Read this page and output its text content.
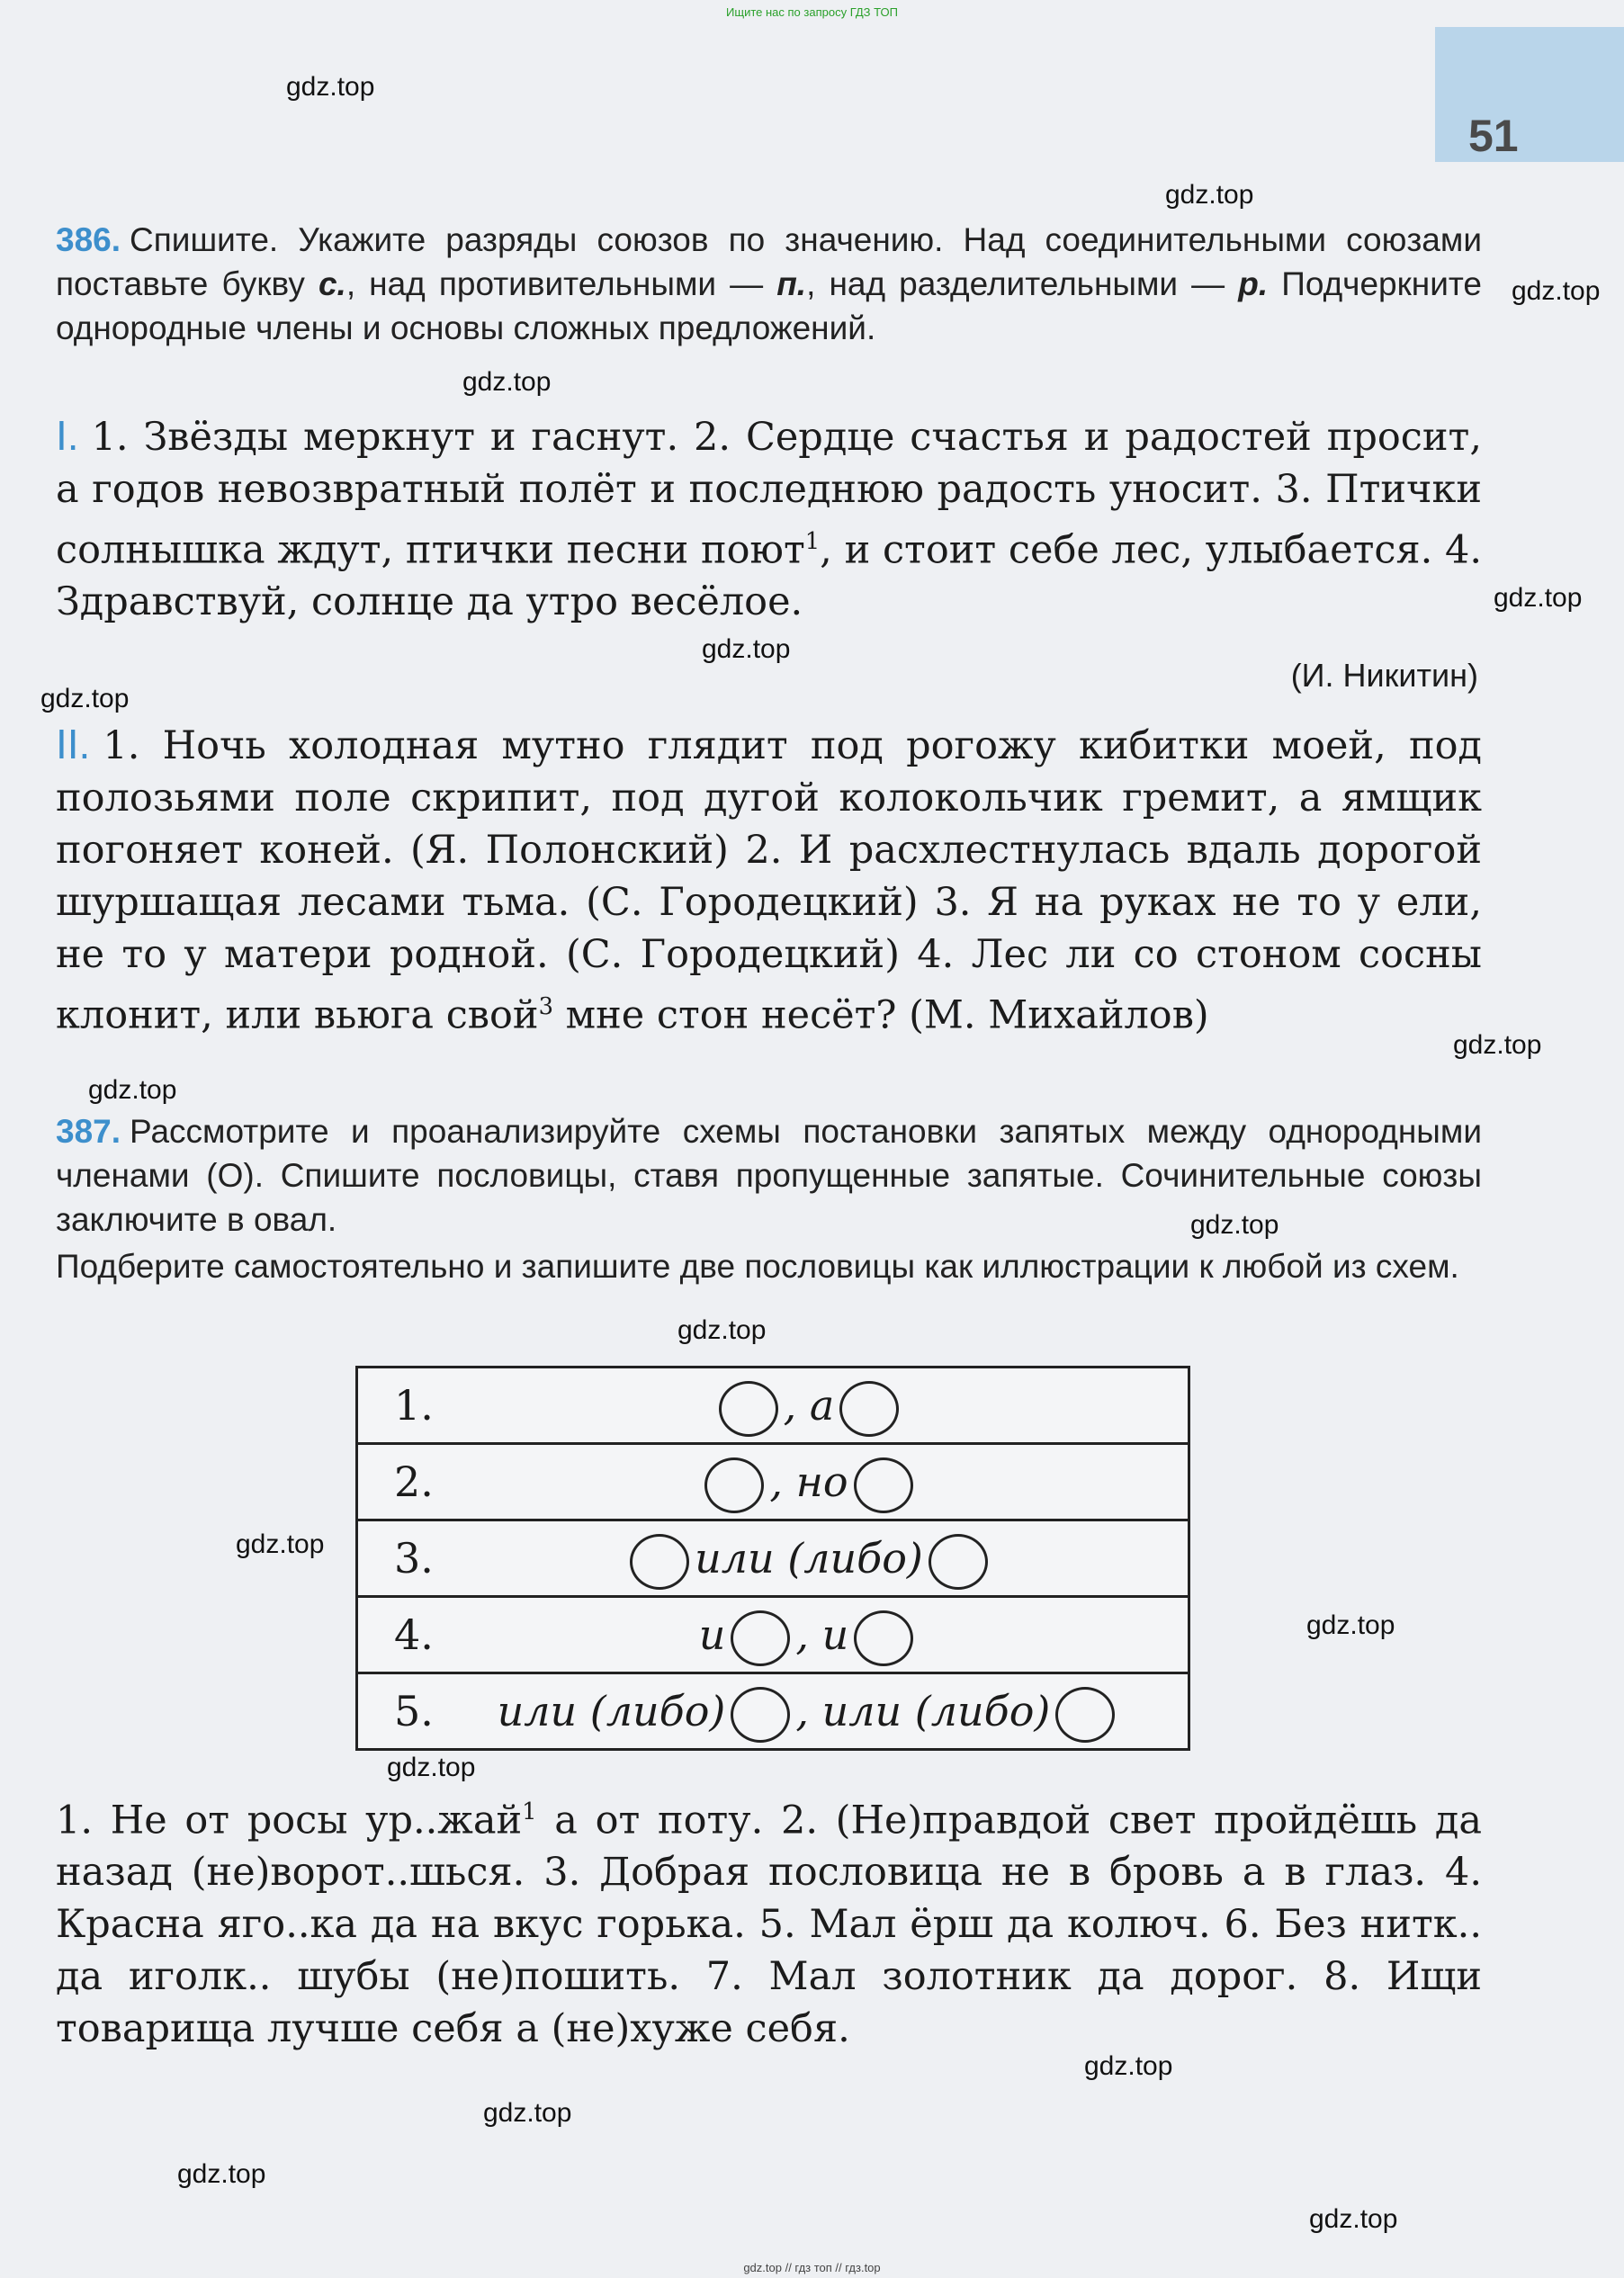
Ищите нас по запросу ГДЗ ТОП
51
gdz.top
gdz.top
gdz.top
gdz.top
gdz.top
gdz.top
gdz.top
gdz.top
gdz.top
gdz.top
gdz.top
gdz.top
gdz.top
gdz.top
gdz.top
gdz.top
gdz.top
gdz.top
386. Спишите. Укажите разряды союзов по значению. Над соединительными союзами поставьте букву с., над противительными — п., над разделительными — р. Подчеркните однородные члены и основы сложных предложений.
I. 1. Звёзды меркнут и гаснут. 2. Сердце счастья и радостей просит, а годов невозвратный полёт и последнюю радость уносит. 3. Птички солнышка ждут, птички песни поют$^1$, и стоит себе лес, улыбается. 4. Здравствуй, солнце да утро весёлое.
(И. Никитин)
II. 1. Ночь холодная мутно глядит под рогожу кибитки моей, под полозьями поле скрипит, под дугой колокольчик гремит, а ямщик погоняет коней. (Я. Полонский) 2. И расхлестнулась вдаль дорогой шуршащая лесами тьма. (С. Городецкий) 3. Я на руках не то у ели, не то у матери родной. (С. Городецкий) 4. Лес ли со стоном сосны клонит, или вьюга свой$^3$ мне стон несёт? (М. Михайлов)
387. Рассмотрите и проанализируйте схемы постановки запятых между однородными членами (О). Спишите пословицы, ставя пропущенные запятые. Сочинительные союзы заключите в овал.
Подберите самостоятельно и запишите две пословицы как иллюстрации к любой из схем.
1.	, а
2.	, но
3.	или (либо)
4.	и , и
5.	или (либо) , или (либо)
1. Не от росы ур..жай$^1$ а от поту. 2. (Не)правдой свет пройдёшь да назад (не)ворот..шься. 3. Добрая пословица не в бровь а в глаз. 4. Красна яго..ка да на вкус горька. 5. Мал ёрш да колюч. 6. Без нитк.. да иголк.. шубы (не)пошить. 7. Мал золотник да дорог. 8. Ищи товарища лучше себя а (не)хуже себя.
gdz.top // гдз топ // гдз.top
